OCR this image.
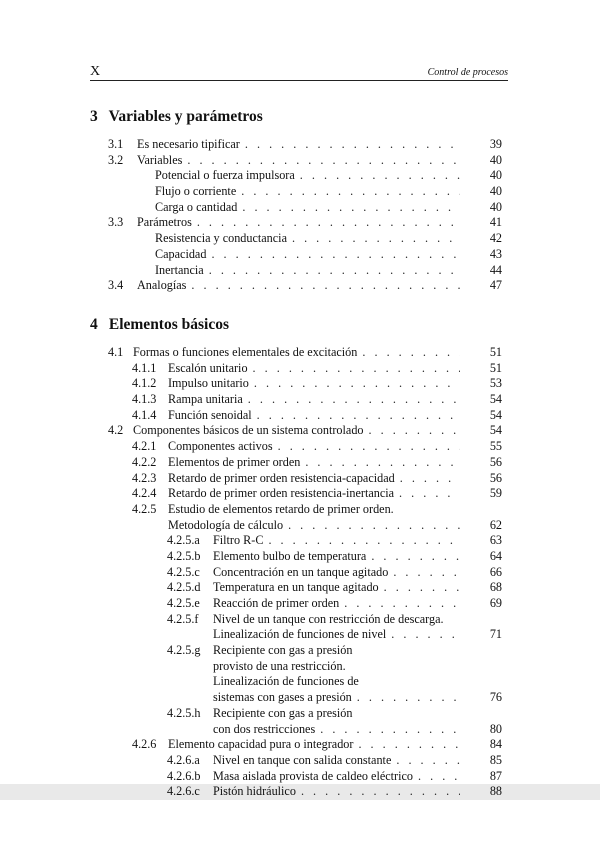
X	Control de procesos
3 Variables y parámetros
3.1 Es necesario tipificar . . .	39
3.2 Variables . . .	40
Potencial o fuerza impulsora . . .	40
Flujo o corriente . . .	40
Carga o cantidad . . .	40
3.3 Parámetros . . .	41
Resistencia y conductancia . . .	42
Capacidad . . .	43
Inertancia . . .	44
3.4 Analogías . . .	47
4 Elementos básicos
4.1 Formas o funciones elementales de excitación . . .	51
4.1.1 Escalón unitario . . .	51
4.1.2 Impulso unitario . . .	53
4.1.3 Rampa unitaria . . .	54
4.1.4 Función senoidal . . .	54
4.2 Componentes básicos de un sistema controlado . . .	54
4.2.1 Componentes activos . . .	55
4.2.2 Elementos de primer orden . . .	56
4.2.3 Retardo de primer orden resistencia-capacidad . . .	56
4.2.4 Retardo de primer orden resistencia-inertancia . . .	59
4.2.5 Estudio de elementos retardo de primer orden.
Metodología de cálculo . . .	62
4.2.5.a Filtro R-C . . .	63
4.2.5.b Elemento bulbo de temperatura . . .	64
4.2.5.c Concentración en un tanque agitado . . .	66
4.2.5.d Temperatura en un tanque agitado . . .	68
4.2.5.e Reacción de primer orden . . .	69
4.2.5.f Nivel de un tanque con restricción de descarga.
Linealización de funciones de nivel . . .	71
4.2.5.g Recipiente con gas a presión
provisto de una restricción.
Linealización de funciones de
sistemas con gases a presión . . .	76
4.2.5.h Recipiente con gas a presión
con dos restricciones . . .	80
4.2.6 Elemento capacidad pura o integrador . . .	84
4.2.6.a Nivel en tanque con salida constante . . .	85
4.2.6.b Masa aislada provista de caldeo eléctrico . . .	87
4.2.6.c Pistón hidráulico . . .	88
